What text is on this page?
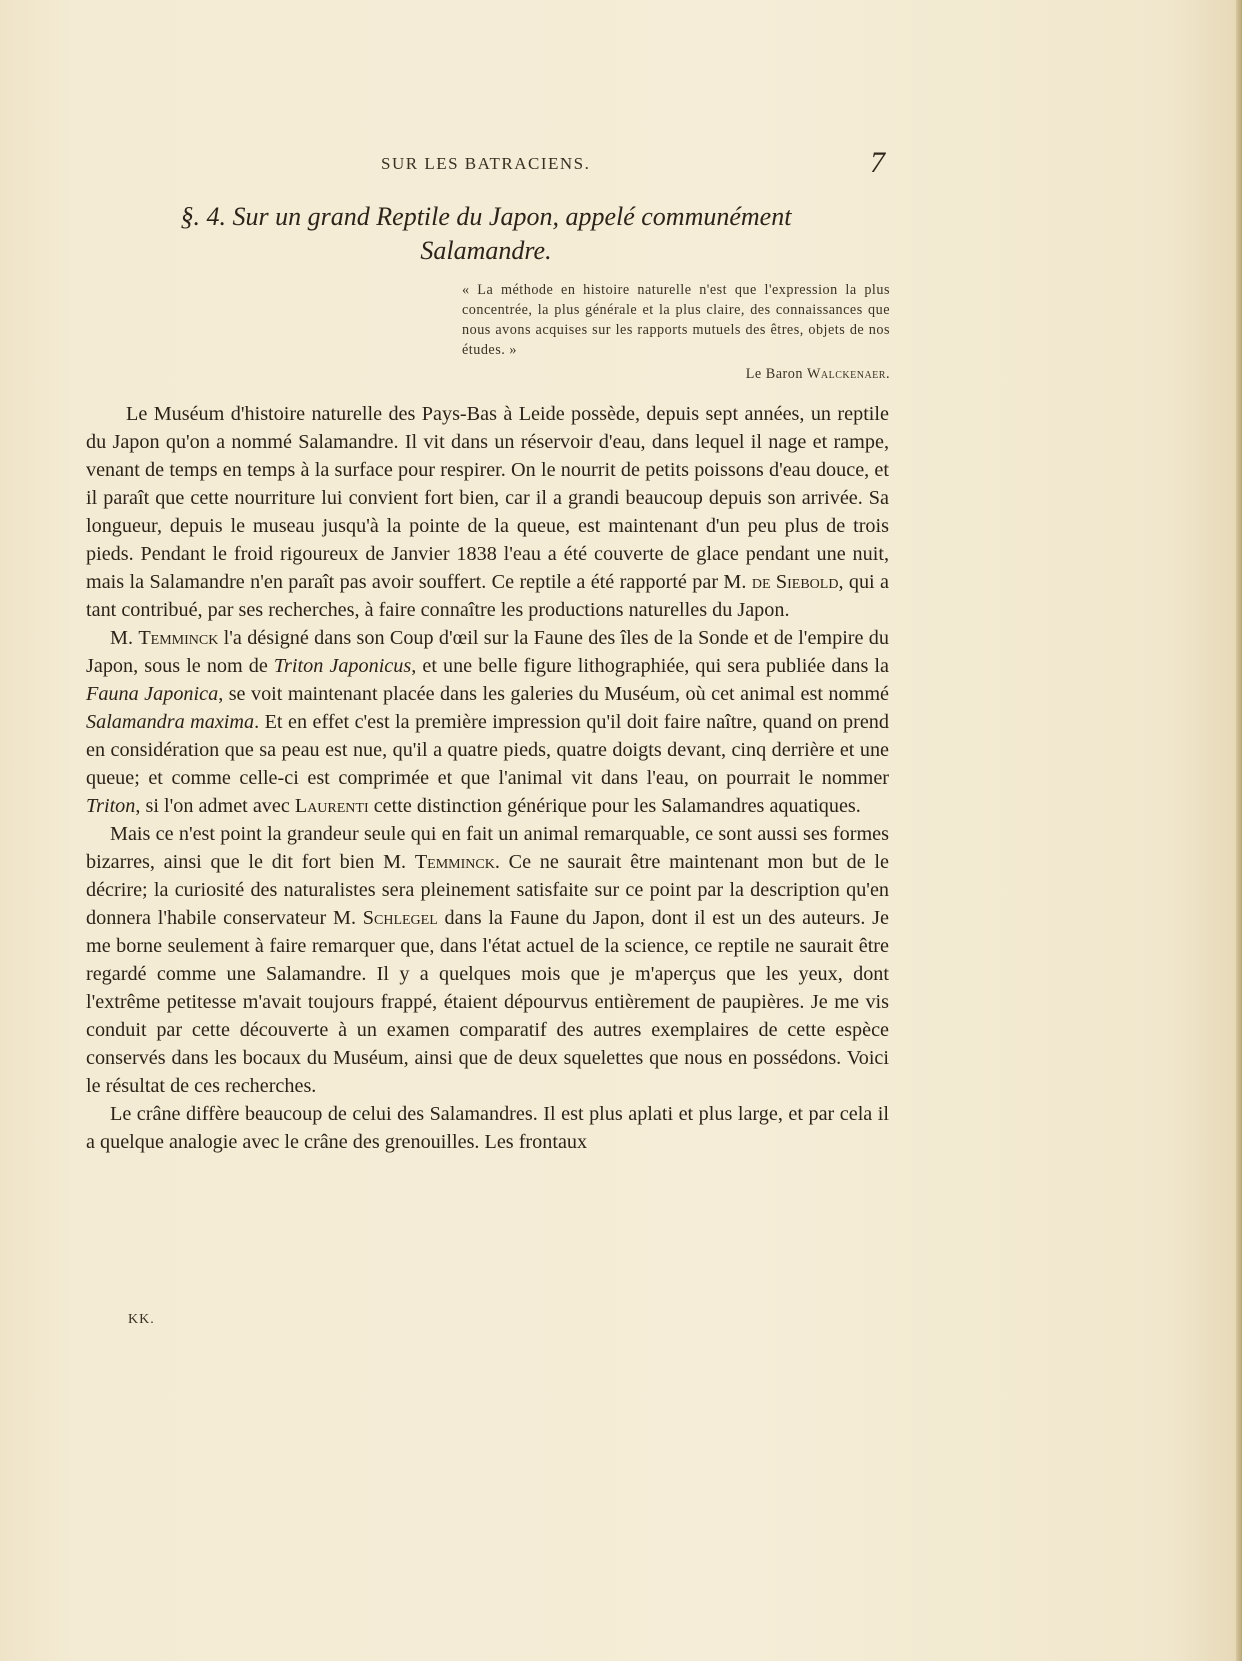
SUR LES BATRACIENS.	7
§. 4. Sur un grand Reptile du Japon, appelé communément
Salamandre.
« La méthode en histoire naturelle n'est que l'expression la plus concentrée, la plus générale et la plus claire, des connaissances que nous avons acquises sur les rapports mutuels des êtres, objets de nos études. »
Le Baron Walckenaer.

Le Muséum d'histoire naturelle des Pays-Bas à Leide possède, depuis sept années, un reptile du Japon qu'on a nommé Salamandre. Il vit dans un réservoir d'eau, dans lequel il nage et rampe, venant de temps en temps à la surface pour respirer. On le nourrit de petits poissons d'eau douce, et il paraît que cette nourriture lui convient fort bien, car il a grandi beaucoup depuis son arrivée. Sa longueur, depuis le museau jusqu'à la pointe de la queue, est maintenant d'un peu plus de trois pieds. Pendant le froid rigoureux de Janvier 1838 l'eau a été couverte de glace pendant une nuit, mais la Salamandre n'en paraît pas avoir souffert. Ce reptile a été rapporté par M. de Siebold, qui a tant contribué, par ses recherches, à faire connaître les productions naturelles du Japon.

M. Temminck l'a désigné dans son Coup d'œil sur la Faune des îles de la Sonde et de l'empire du Japon, sous le nom de Triton Japonicus, et une belle figure lithographiée, qui sera publiée dans la Fauna Japonica, se voit maintenant placée dans les galeries du Muséum, où cet animal est nommé Salamandra maxima. Et en effet c'est la première impression qu'il doit faire naître, quand on prend en considération que sa peau est nue, qu'il a quatre pieds, quatre doigts devant, cinq derrière et une queue; et comme celle-ci est comprimée et que l'animal vit dans l'eau, on pourrait le nommer Triton, si l'on admet avec Laurenti cette distinction générique pour les Salamandres aquatiques.

Mais ce n'est point la grandeur seule qui en fait un animal remarquable, ce sont aussi ses formes bizarres, ainsi que le dit fort bien M. Temminck. Ce ne saurait être maintenant mon but de le décrire; la curiosité des naturalistes sera pleinement satisfaite sur ce point par la description qu'en donnera l'habile conservateur M. Schlegel dans la Faune du Japon, dont il est un des auteurs. Je me borne seulement à faire remarquer que, dans l'état actuel de la science, ce reptile ne saurait être regardé comme une Salamandre. Il y a quelques mois que je m'aperçus que les yeux, dont l'extrême petitesse m'avait toujours frappé, étaient dépourvus entièrement de paupières. Je me vis conduit par cette découverte à un examen comparatif des autres exemplaires de cette espèce conservés dans les bocaux du Muséum, ainsi que de deux squelettes que nous en possédons. Voici le résultat de ces recherches.

Le crâne diffère beaucoup de celui des Salamandres. Il est plus aplati et plus large, et par cela il a quelque analogie avec le crâne des grenouilles. Les frontaux

KK.
